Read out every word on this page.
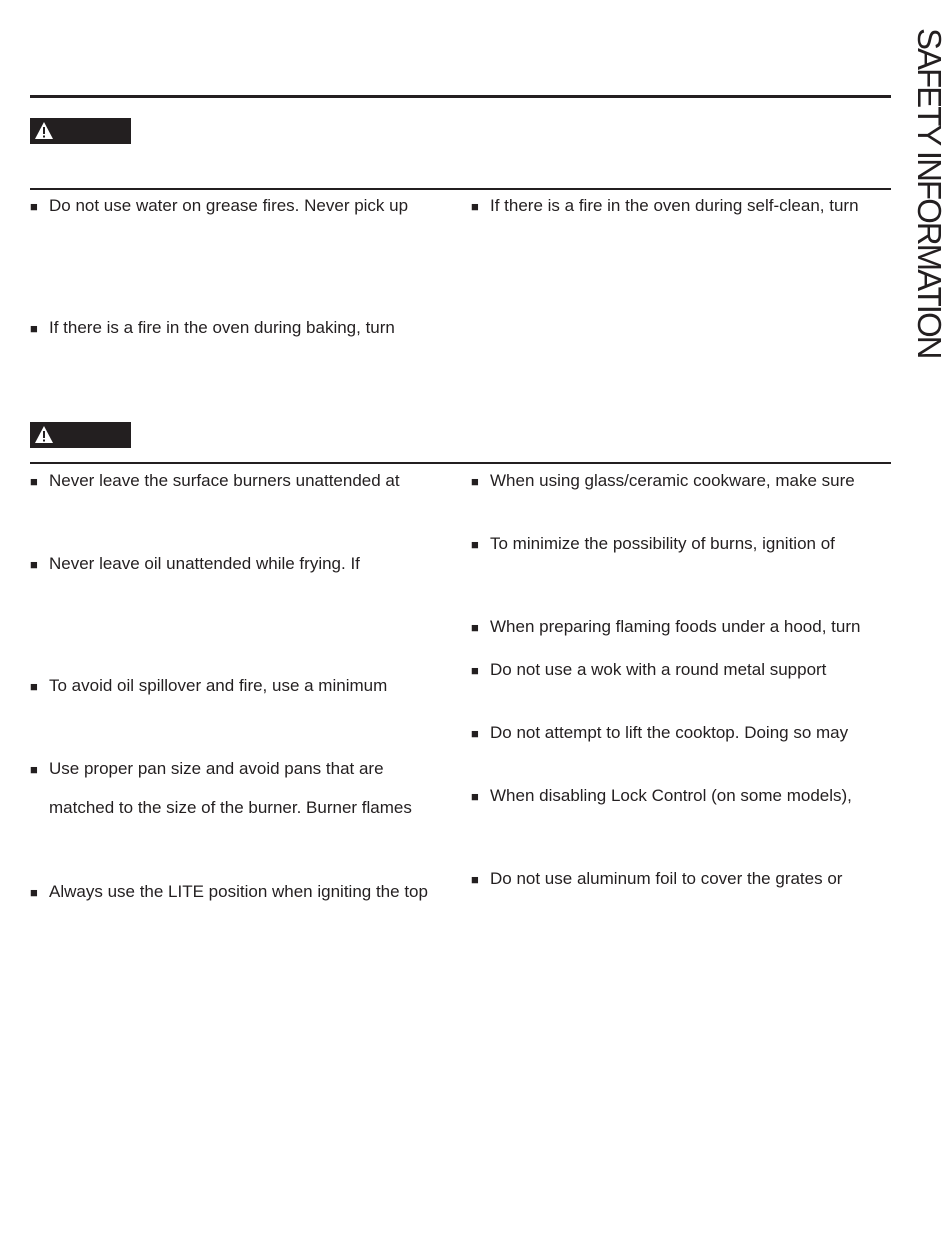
SAFETY INFORMATION
■ Do not use water on grease fires. Never pick up
■ If there is a fire in the oven during baking, turn
■ If there is a fire in the oven during self-clean, turn
■ Never leave the surface burners unattended at
■ Never leave oil unattended while frying. If
■ To avoid oil spillover and fire, use a minimum
■ Use proper pan size and avoid pans that are
matched to the size of the burner. Burner flames
■ Always use the LITE position when igniting the top
■ When using glass/ceramic cookware, make sure
■ To minimize the possibility of burns, ignition of
■ When preparing flaming foods under a hood, turn
■ Do not use a wok with a round metal support
■ Do not attempt to lift the cooktop. Doing so may
■ When disabling Lock Control (on some models),
■ Do not use aluminum foil to cover the grates or
